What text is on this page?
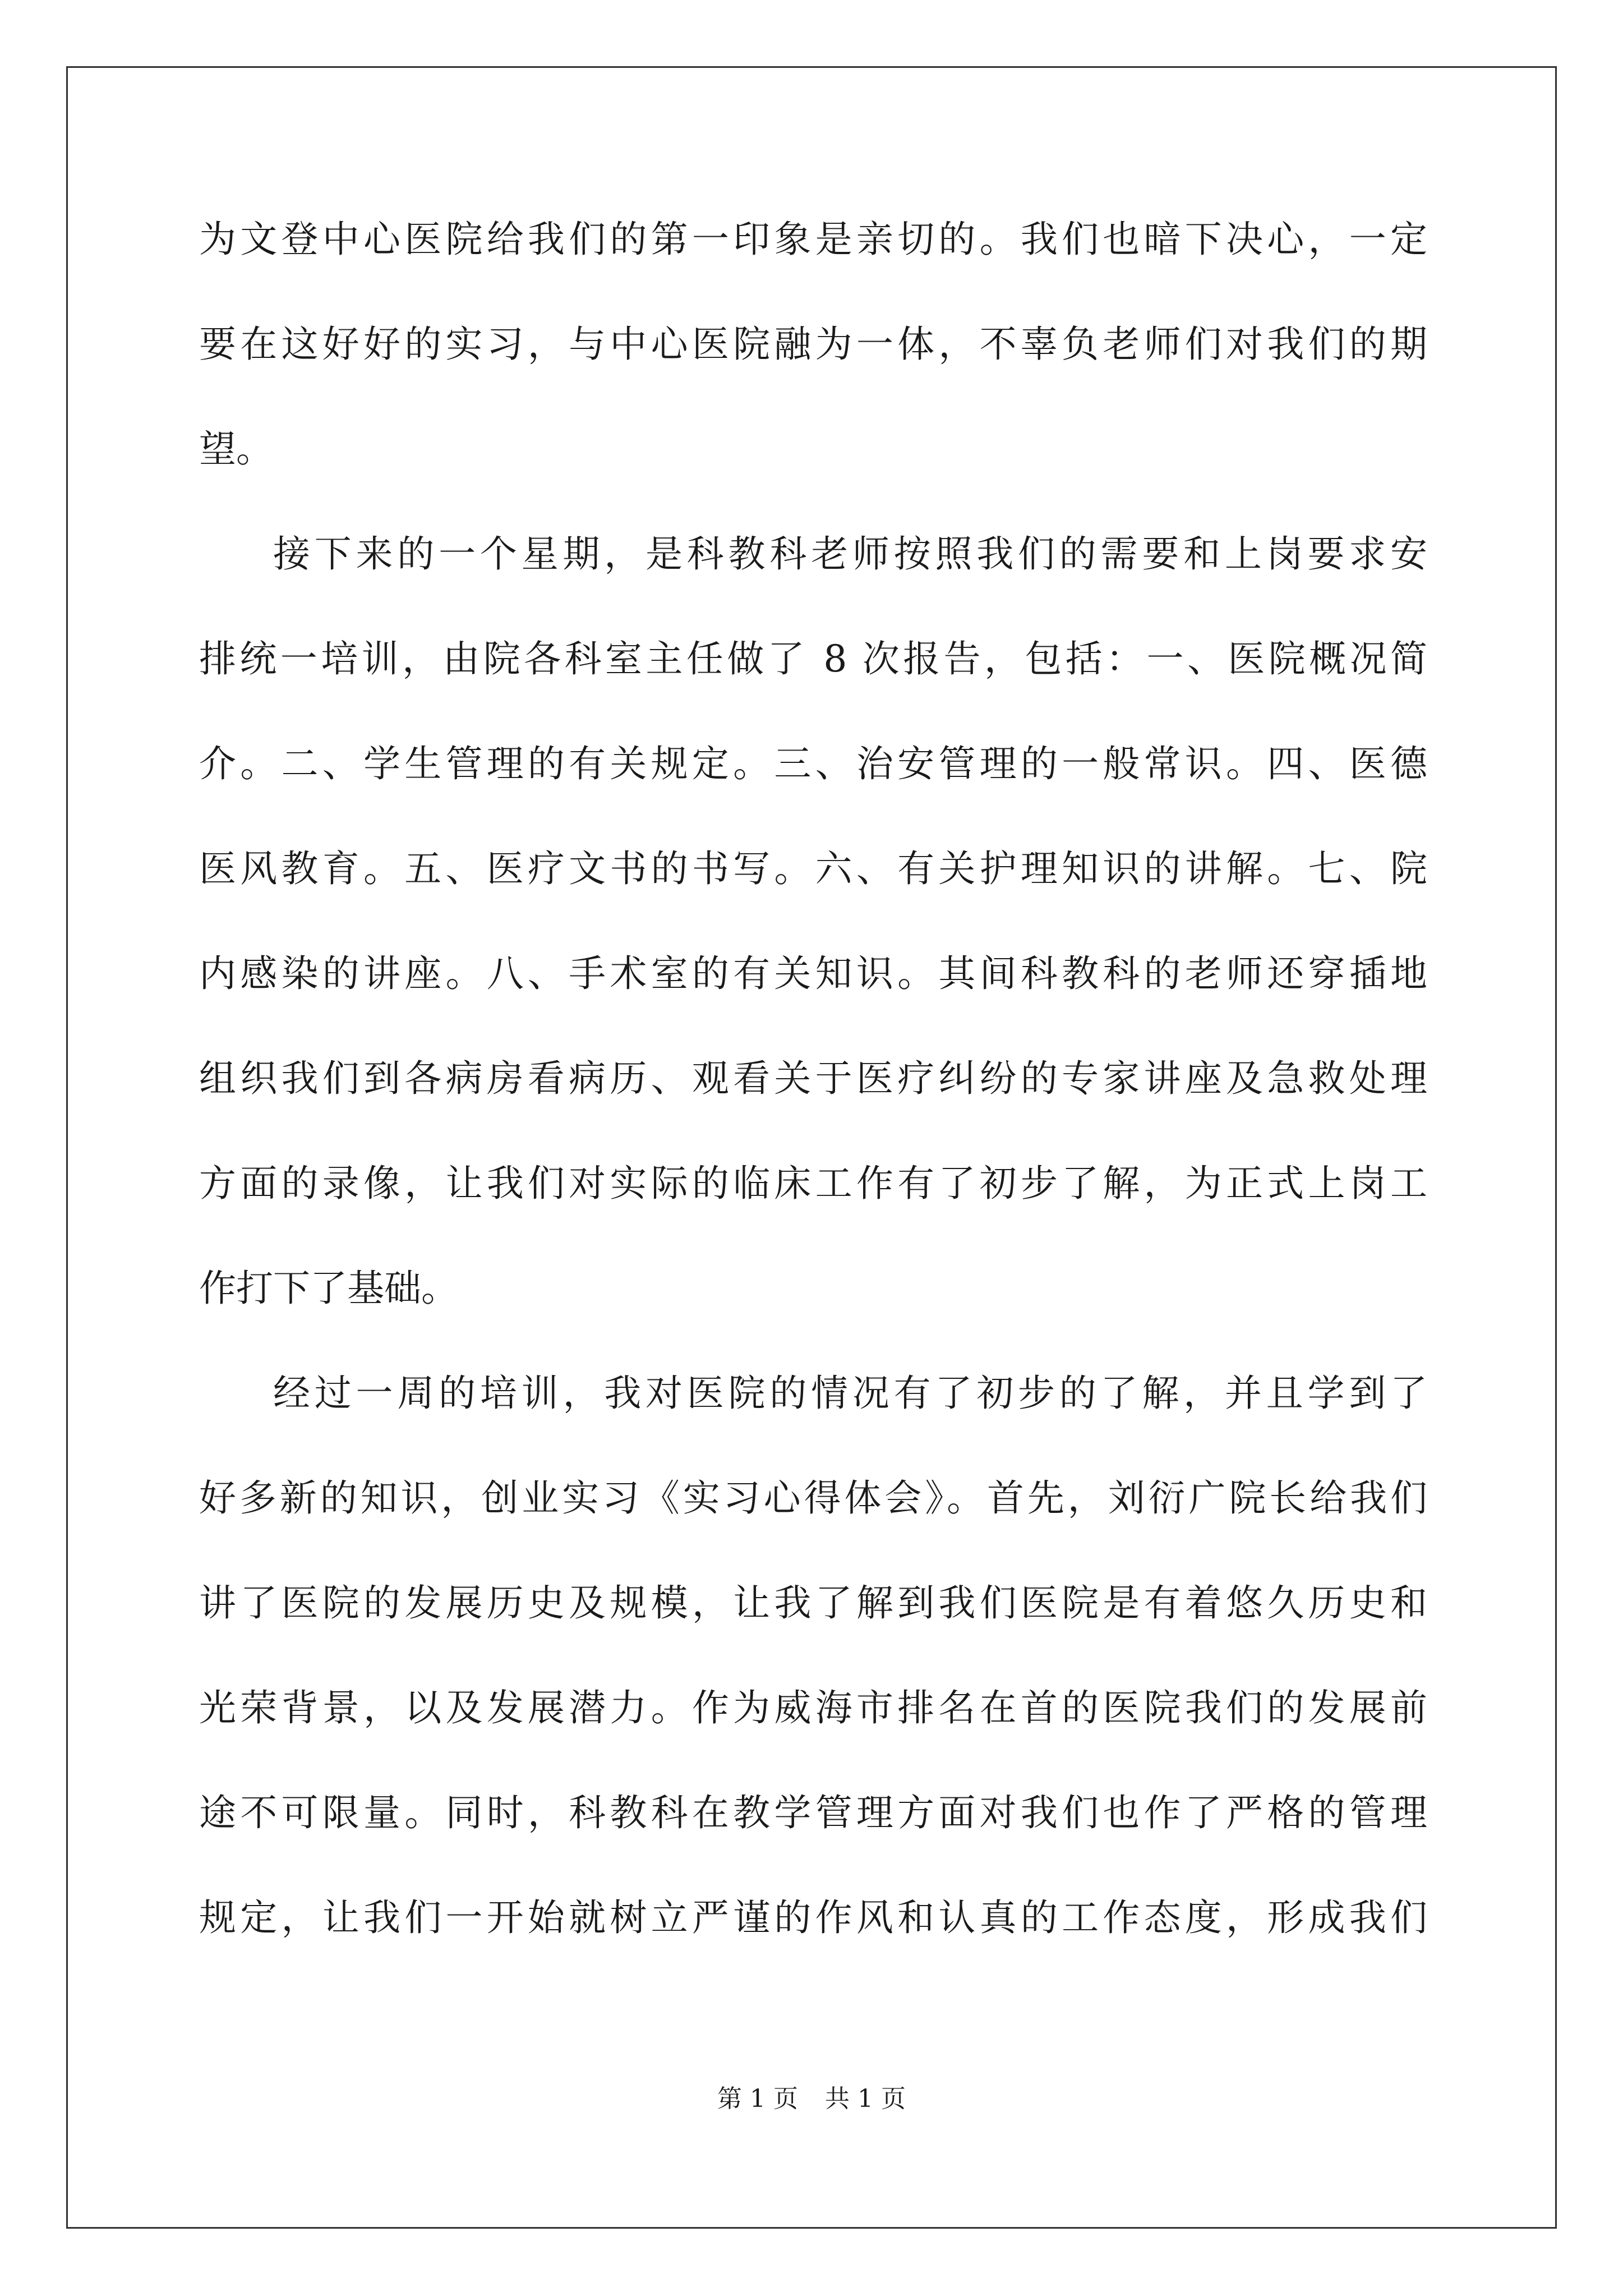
为文登中心医院给我们的第一印象是亲切的。我们也暗下决心，一定
要在这好好的实习，与中心医院融为一体，不辜负老师们对我们的期
望。
接下来的一个星期，是科教科老师按照我们的需要和上岗要求安
排统一培训，由院各科室主任做了 8 次报告，包括：一、医院概况简
介。二、学生管理的有关规定。三、治安管理的一般常识。四、医德
医风教育。五、医疗文书的书写。六、有关护理知识的讲解。七、院
内感染的讲座。八、手术室的有关知识。其间科教科的老师还穿插地
组织我们到各病房看病历、观看关于医疗纠纷的专家讲座及急救处理
方面的录像，让我们对实际的临床工作有了初步了解，为正式上岗工
作打下了基础。
经过一周的培训，我对医院的情况有了初步的了解，并且学到了
好多新的知识，创业实习《实习心得体会》。首先，刘衍广院长给我们
讲了医院的发展历史及规模，让我了解到我们医院是有着悠久历史和
光荣背景，以及发展潜力。作为威海市排名在首的医院我们的发展前
途不可限量。同时，科教科在教学管理方面对我们也作了严格的管理
规定，让我们一开始就树立严谨的作风和认真的工作态度，形成我们
第 1 页 共 1 页
